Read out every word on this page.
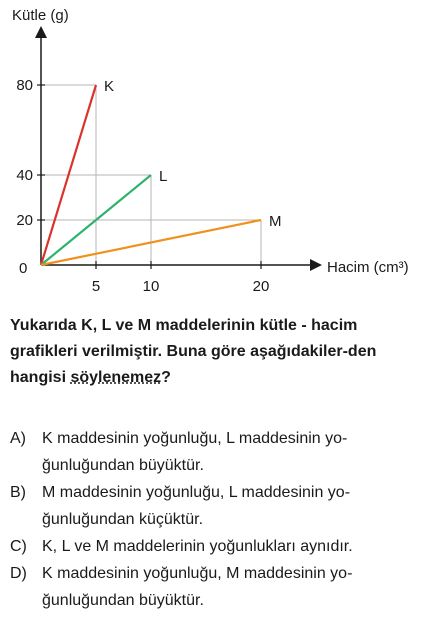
5	10	20
20
40
80	K
L
M
Kütle (g)
Hacim (cm³)
0

Yukarıda K, L ve M maddelerinin kütle - hacim grafikleri verilmiştir. Buna göre aşağıdakiler-den hangisi söylenemez?

A)	K maddesinin yoğunluğu, L maddesinin yo-ğunluğundan büyüktür.
B)	M maddesinin yoğunluğu, L maddesinin yo-ğunluğundan küçüktür.
C) K, L ve M maddelerinin yoğunlukları aynıdır.
D) K maddesinin yoğunluğu, M maddesinin yo-ğunluğundan büyüktür.
